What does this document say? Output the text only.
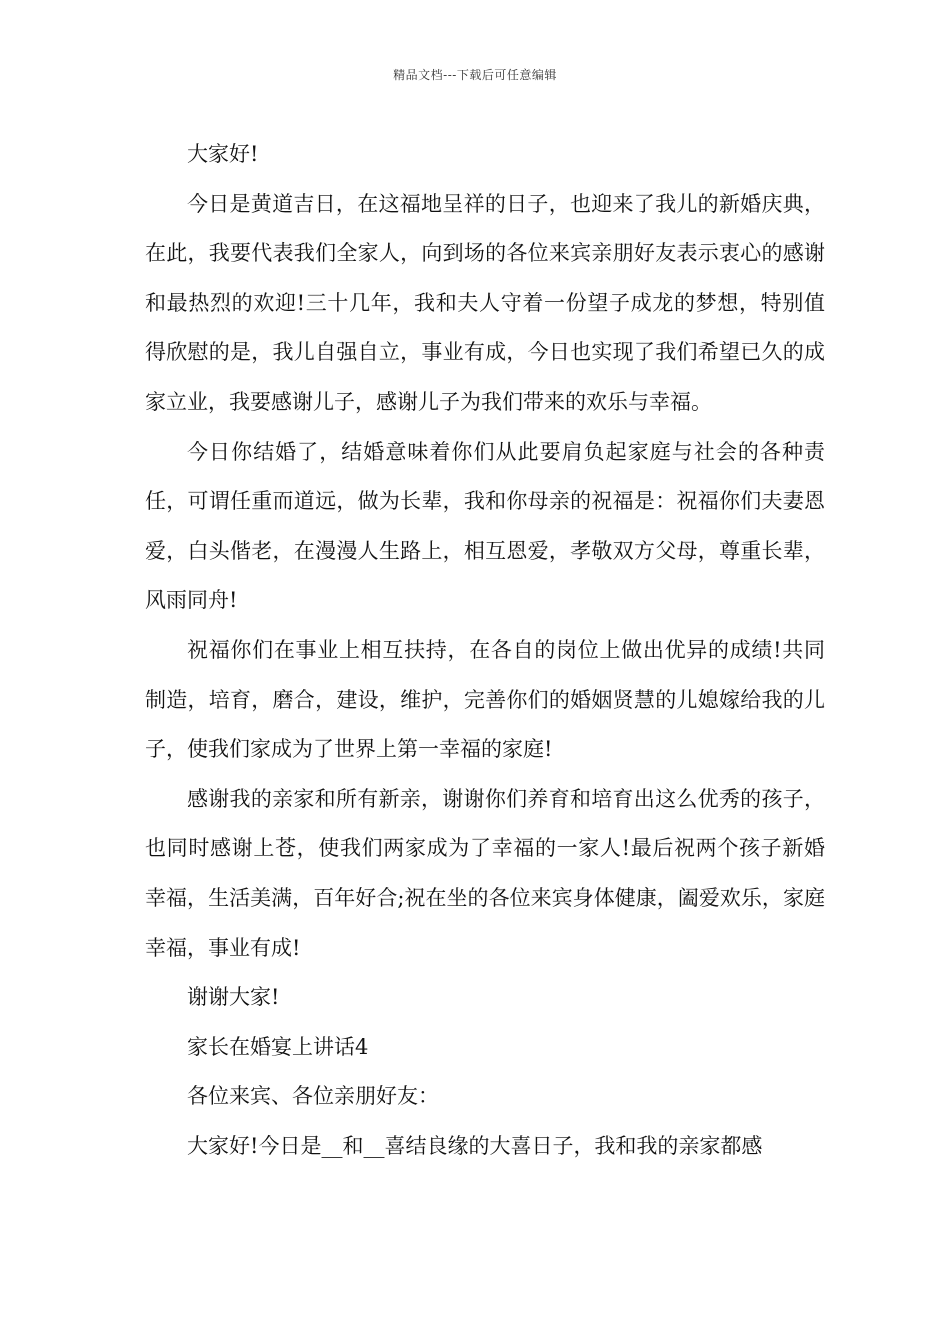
精品文档---下载后可任意编辑

大家好!

今日是黄道吉日，在这福地呈祥的日子，也迎来了我儿的新婚庆典，在此，我要代表我们全家人，向到场的各位来宾亲朋好友表示衷心的感谢和最热烈的欢迎!三十几年，我和夫人守着一份望子成龙的梦想，特别值得欣慰的是，我儿自强自立，事业有成，今日也实现了我们希望已久的成家立业，我要感谢儿子，感谢儿子为我们带来的欢乐与幸福。

今日你结婚了，结婚意味着你们从此要肩负起家庭与社会的各种责任，可谓任重而道远，做为长辈，我和你母亲的祝福是：祝福你们夫妻恩爱，白头偕老，在漫漫人生路上，相互恩爱，孝敬双方父母，尊重长辈，风雨同舟!

祝福你们在事业上相互扶持，在各自的岗位上做出优异的成绩!共同制造，培育，磨合，建设，维护，完善你们的婚姻贤慧的儿媳嫁给我的儿子，使我们家成为了世界上第一幸福的家庭!

感谢我的亲家和所有新亲，谢谢你们养育和培育出这么优秀的孩子，也同时感谢上苍，使我们两家成为了幸福的一家人!最后祝两个孩子新婚幸福，生活美满，百年好合;祝在坐的各位来宾身体健康，阖爱欢乐，家庭幸福，事业有成!

谢谢大家!

家长在婚宴上讲话4

各位来宾、各位亲朋好友：

大家好!今日是__和__喜结良缘的大喜日子，我和我的亲家都感
